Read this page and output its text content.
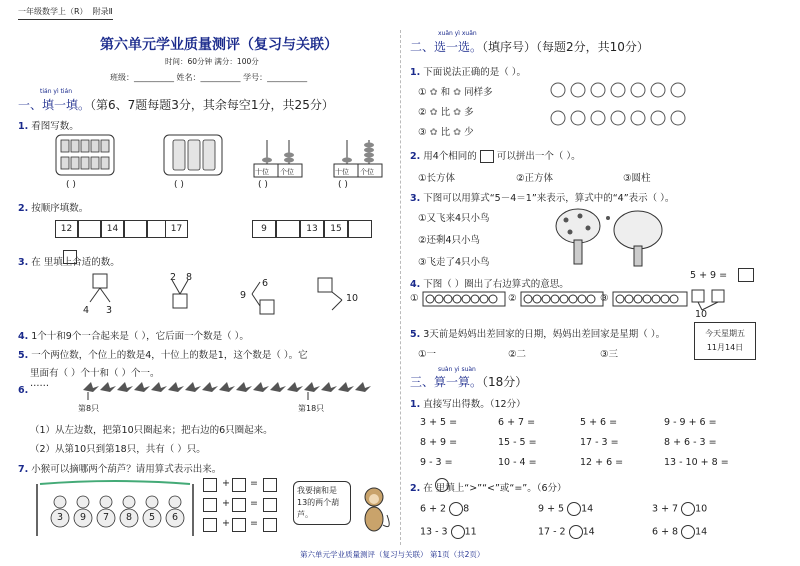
一年级数学上（R） 附录Ⅱ
第六单元学业质量测评（复习与关联）
时间：60分钟 满分：100分
班级：__________ 姓名：__________ 学号：__________
tián yì tián
一、填一填。（第6、7题每题3分，其余每空1分，共25分）
1. 看图写数。
十位 个位	十位 个位
( )	( )	( )	( )
2. 按顺序填数。
12	14	17	9	13	15
3. 在 里填上合适的数。
4 3
2 8
9
6
10
4. 1个十和9个一合起来是（ ），它后面一个数是（ ）。
5. 一个两位数，个位上的数是4，十位上的数是1，这个数是（ ）。它
里面有（ ）个十和（ ）个一。
6.
……
第8只	第18只
（1）从左边数，把第10只圈起来；把右边的6只圈起来。
（2）从第10只到第18只，共有（ ）只。
7. 小猴可以摘哪两个葫芦？请用算式表示出来。
3 9 7 8 5 6
+ =
+ =
+ =
我要摘和是13的两个葫芦。
xuǎn yì xuǎn
二、选一选。（填序号）（每题2分，共10分）
1. 下面说法正确的是（ ）。
① ✿ 和 ✿ 同样多
② ✿ 比 ✿ 多
③ ✿ 比 ✿ 少
2. 用4个相同的 可以拼出一个（ ）。
①长方体	②正方体	③圆柱
3. 下图可以用算式“5－4＝1”来表示，算式中的“4”表示（ ）。
①又飞来4只小鸟
②还剩4只小鸟
③飞走了4只小鸟
4. 下图（ ）圈出了右边算式的意思。
5 + 9 =
10
①	②	③
5. 3天前是妈妈出差回家的日期，妈妈出差回家是星期（ ）。
①一	②二	③三
今天星期五
11月14日
suàn yi suàn
三、算一算。（18分）
1. 直接写出得数。（12分）
3 + 5 =	6 + 7 =	5 + 6 =	9 - 9 + 6 =
8 + 9 =	15 - 5 =	17 - 3 =	8 + 6 - 3 =
9 - 3 =	10 - 4 =	12 + 6 =	13 - 10 + 8 =
2. 在 里填上“>”“<”或“=”。（6分）
6 + 2 8	9 + 5 14	3 + 7 10
13 - 3 11	17 - 2 14	6 + 8 14
第六单元学业质量测评（复习与关联） 第1页（共2页）
